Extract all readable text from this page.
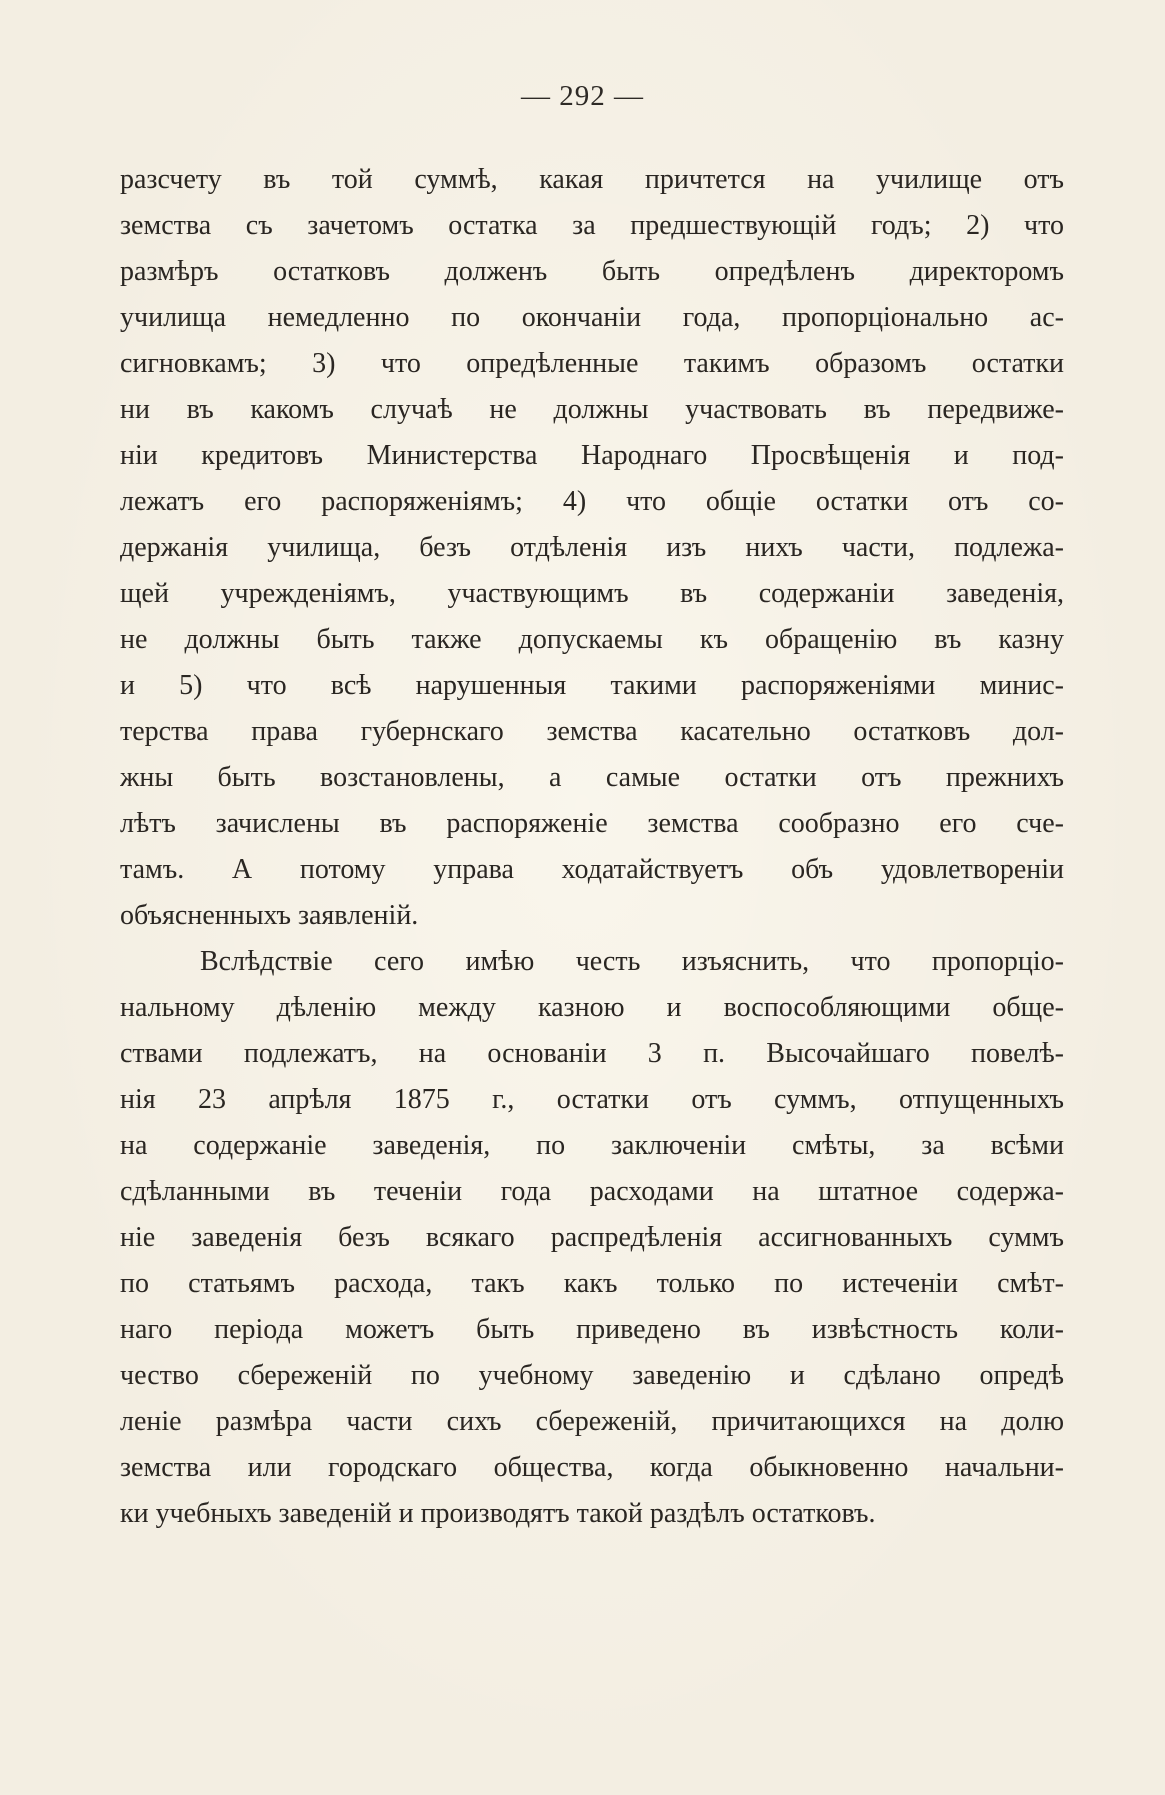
— 292 —
разсчету въ той суммѣ, какая причтется на училище отъ
земства съ зачетомъ остатка за предшествующій годъ; 2) что
размѣръ остатковъ долженъ быть опредѣленъ директоромъ
училища немедленно по окончаніи года, пропорціонально ас-
сигновкамъ; 3) что опредѣленные такимъ образомъ остатки
ни въ какомъ случаѣ не должны участвовать въ передвиже-
ніи кредитовъ Министерства Народнаго Просвѣщенія и под-
лежатъ его распоряженіямъ; 4) что общіе остатки отъ со-
держанія училища, безъ отдѣленія изъ нихъ части, подлежа-
щей учрежденіямъ, участвующимъ въ содержаніи заведенія,
не должны быть также допускаемы къ обращенію въ казну
и 5) что всѣ нарушенныя такими распоряженіями минис-
терства права губернскаго земства касательно остатковъ дол-
жны быть возстановлены, а самые остатки отъ прежнихъ
лѣтъ зачислены въ распоряженіе земства сообразно его сче-
тамъ. А потому управа ходатайствуетъ объ удовлетвореніи
объясненныхъ заявленій.
Вслѣдствіе сего имѣю честь изъяснить, что пропорціо-
нальному дѣленію между казною и воспособляющими обще-
ствами подлежатъ, на основаніи 3 п. Высочайшаго повелѣ-
нія 23 апрѣля 1875 г., остатки отъ суммъ, отпущенныхъ
на содержаніе заведенія, по заключеніи смѣты, за всѣми
сдѣланными въ теченіи года расходами на штатное содержа-
ніе заведенія безъ всякаго распредѣленія ассигнованныхъ суммъ
по статьямъ расхода, такъ какъ только по истеченіи смѣт-
наго періода можетъ быть приведено въ извѣстность коли-
чество сбереженій по учебному заведенію и сдѣлано опредѣ
леніе размѣра части сихъ сбереженій, причитающихся на долю
земства или городскаго общества, когда обыкновенно начальни-
ки учебныхъ заведеній и производятъ такой раздѣлъ остатковъ.
